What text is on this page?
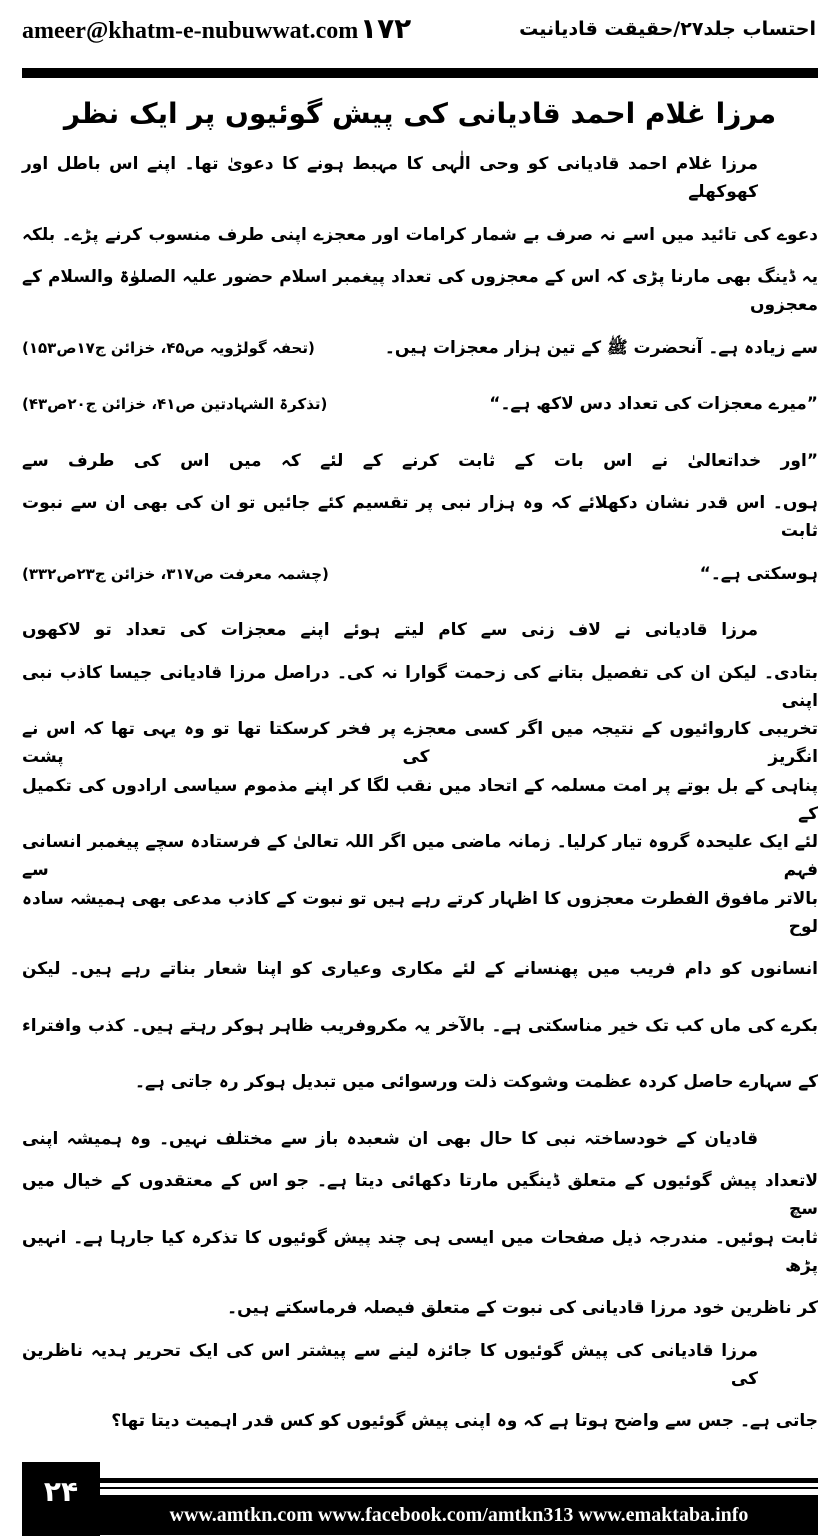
ameer@khatm-e-nubuwwat.com ۱۷۲	احتساب جلد۲۷/حقیقت قادیانیت
مرزا غلام احمد قادیانی کی پیش گوئیوں پر ایک نظر
مرزا غلام احمد قادیانی کو وحی الٰہی کا مہبط ہونے کا دعویٰ تھا۔ اپنے اس باطل اور کھوکھلے
دعوے کی تائید میں اسے نہ صرف بے شمار کرامات اور معجزے اپنی طرف منسوب کرنے پڑے۔ بلکہ
یہ ڈینگ بھی مارنا پڑی کہ اس کے معجزوں کی تعداد پیغمبر اسلام حضور علیہ الصلوٰۃ والسلام کے معجزوں
سے زیادہ ہے۔ آنحضرت ﷺ کے تین ہزار معجزات ہیں۔
(تحفہ گولڑویہ ص۴۵، خزائن ج۱۷ص۱۵۳)
”میرے معجزات کی تعداد دس لاکھ ہے۔“
(تذکرۃ الشہادتین ص۴۱، خزائن ج۲۰ص۴۳)
”اور خداتعالیٰ نے اس بات کے ثابت کرنے کے لئے کہ میں اس کی طرف سے
ہوں۔ اس قدر نشان دکھلائے کہ وہ ہزار نبی پر تقسیم کئے جائیں تو ان کی بھی ان سے نبوت ثابت
ہوسکتی ہے۔“
(چشمہ معرفت ص۳۱۷، خزائن ج۲۳ص۳۳۲)
مرزا قادیانی نے لاف زنی سے کام لیتے ہوئے اپنے معجزات کی تعداد تو لاکھوں
بتادی۔ لیکن ان کی تفصیل بتانے کی زحمت گوارا نہ کی۔ دراصل مرزا قادیانی جیسا کاذب نبی اپنی
تخریبی کاروائیوں کے نتیجہ میں اگر کسی معجزے پر فخر کرسکتا تھا تو وہ یہی تھا کہ اس نے انگریز کی پشت
پناہی کے بل بوتے پر امت مسلمہ کے اتحاد میں نقب لگا کر اپنے مذموم سیاسی ارادوں کی تکمیل کے
لئے ایک علیحدہ گروہ تیار کرلیا۔ زمانہ ماضی میں اگر اللہ تعالیٰ کے فرستادہ سچے پیغمبر انسانی فہم سے
بالاتر مافوق الفطرت معجزوں کا اظہار کرتے رہے ہیں تو نبوت کے کاذب مدعی بھی ہمیشہ سادہ لوح
انسانوں کو دام فریب میں پھنسانے کے لئے مکاری وعیاری کو اپنا شعار بناتے رہے ہیں۔ لیکن
بکرے کی ماں کب تک خیر مناسکتی ہے۔ بالآخر یہ مکروفریب ظاہر ہوکر رہتے ہیں۔ کذب وافتراء
کے سہارے حاصل کردہ عظمت وشوکت ذلت ورسوائی میں تبدیل ہوکر رہ جاتی ہے۔
قادیان کے خودساختہ نبی کا حال بھی ان شعبدہ باز سے مختلف نہیں۔ وہ ہمیشہ اپنی
لاتعداد پیش گوئیوں کے متعلق ڈینگیں مارتا دکھائی دیتا ہے۔ جو اس کے معتقدوں کے خیال میں سچ
ثابت ہوئیں۔ مندرجہ ذیل صفحات میں ایسی ہی چند پیش گوئیوں کا تذکرہ کیا جارہا ہے۔ انہیں پڑھ
کر ناظرین خود مرزا قادیانی کی نبوت کے متعلق فیصلہ فرماسکتے ہیں۔
مرزا قادیانی کی پیش گوئیوں کا جائزہ لینے سے پیشتر اس کی ایک تحریر ہدیہ ناظرین کی
جاتی ہے۔ جس سے واضح ہوتا ہے کہ وہ اپنی پیش گوئیوں کو کس قدر اہمیت دیتا تھا؟
۲۴
www.amtkn.com www.facebook.com/amtkn313 www.emaktaba.info
